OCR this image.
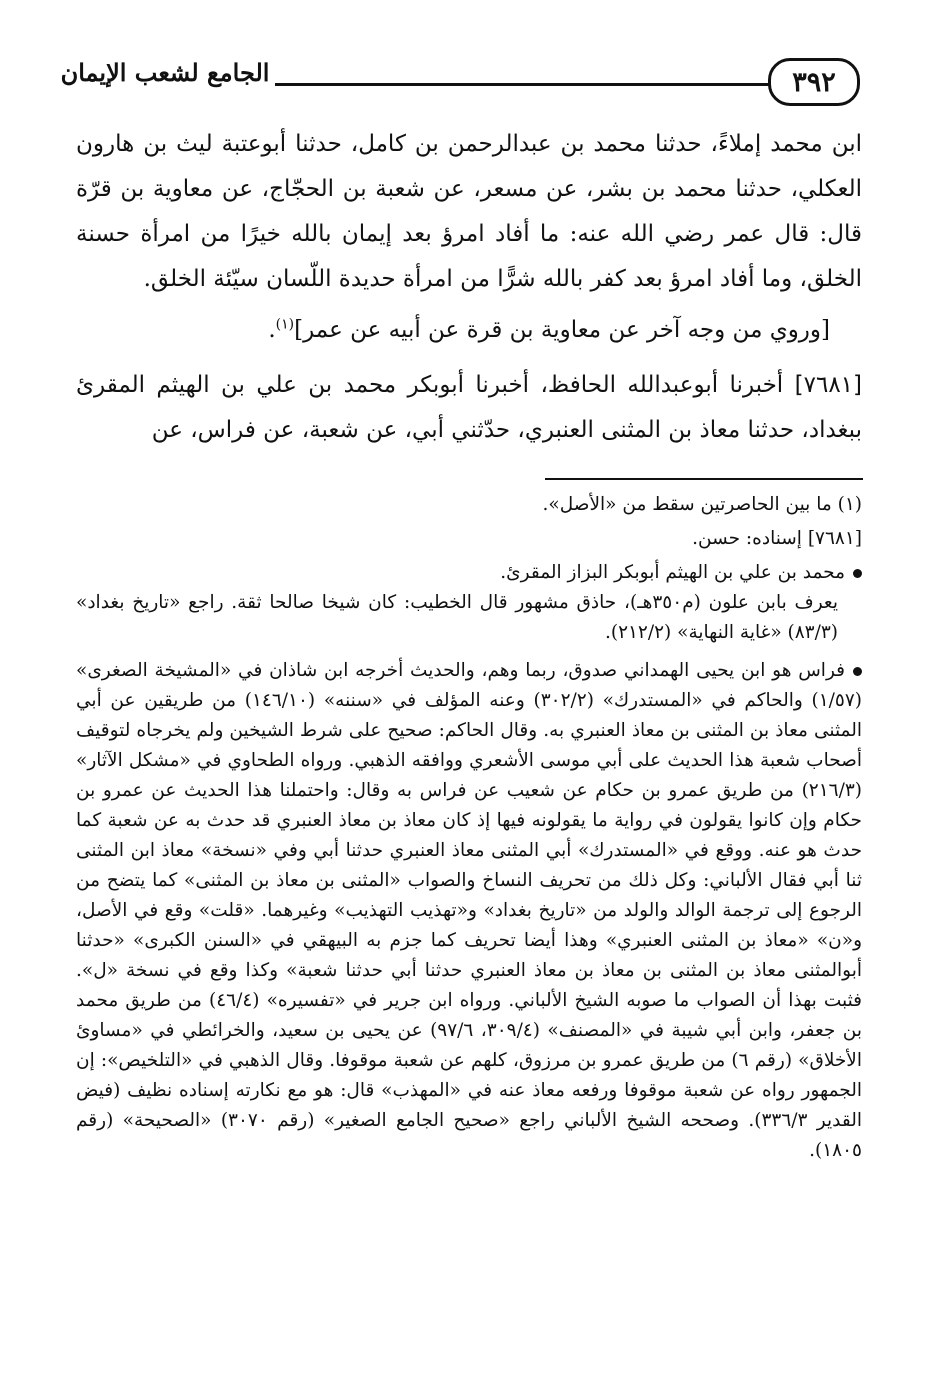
٣٩٢
الجامع لشعب الإيمان

ابن محمد إملاءً، حدثنا محمد بن عبدالرحمن بن كامل، حدثنا أبوعتبة ليث بن هارون العكلي، حدثنا محمد بن بشر، عن مسعر، عن شعبة بن الحجّاج، عن معاوية بن قرّة قال: قال عمر رضي الله عنه: ما أفاد امرؤ بعد إيمان بالله خيرًا من امرأة حسنة الخلق، وما أفاد امرؤ بعد كفر بالله شرًّا من امرأة حديدة اللّسان سيّئة الخلق.

[وروي من وجه آخر عن معاوية بن قرة عن أبيه عن عمر]$^{(١)}$.

[٧٦٨١] أخبرنا أبوعبدالله الحافظ، أخبرنا أبوبكر محمد بن علي بن الهيثم المقرئ ببغداد، حدثنا معاذ بن المثنى العنبري، حدّثني أبي، عن شعبة، عن فراس، عن

(١) ما بين الحاصرتين سقط من «الأصل».

[٧٦٨١] إسناده: حسن.

محمد بن علي بن الهيثم أبوبكر البزاز المقرئ.

يعرف بابن علون (م٣٥٠هـ)، حاذق مشهور قال الخطيب: كان شيخا صالحا ثقة. راجع «تاريخ بغداد» (٨٣/٣) «غاية النهاية» (٢١٢/٢).

فراس هو ابن يحيى الهمداني صدوق، ربما وهم، والحديث أخرجه ابن شاذان في «المشيخة الصغرى» (١/٥٧) والحاكم في «المستدرك» (٣٠٢/٢) وعنه المؤلف في «سننه» (١٤٦/١٠) من طريقين عن أبي المثنى معاذ بن المثنى بن معاذ العنبري به. وقال الحاكم: صحيح على شرط الشيخين ولم يخرجاه لتوقيف أصحاب شعبة هذا الحديث على أبي موسى الأشعري ووافقه الذهبي. ورواه الطحاوي في «مشكل الآثار» (٢١٦/٣) من طريق عمرو بن حكام عن شعيب عن فراس به وقال: واحتملنا هذا الحديث عن عمرو بن حكام وإن كانوا يقولون في رواية ما يقولونه فيها إذ كان معاذ بن معاذ العنبري قد حدث به عن شعبة كما حدث هو عنه. ووقع في «المستدرك» أبي المثنى معاذ العنبري حدثنا أبي وفي «نسخة» معاذ ابن المثنى ثنا أبي فقال الألباني: وكل ذلك من تحريف النساخ والصواب «المثنى بن معاذ بن المثنى» كما يتضح من الرجوع إلى ترجمة الوالد والولد من «تاريخ بغداد» و«تهذيب التهذيب» وغيرهما. «قلت» وقع في الأصل، و«ن» «معاذ بن المثنى العنبري» وهذا أيضا تحريف كما جزم به البيهقي في «السنن الكبرى» «حدثنا أبوالمثنى معاذ بن المثنى بن معاذ بن معاذ العنبري حدثنا أبي حدثنا شعبة» وكذا وقع في نسخة «ل». فثبت بهذا أن الصواب ما صوبه الشيخ الألباني. ورواه ابن جرير في «تفسيره» (٤٦/٤) من طريق محمد بن جعفر، وابن أبي شيبة في «المصنف» (٣٠٩/٤، ٩٧/٦) عن يحيى بن سعيد، والخرائطي في «مساوئ الأخلاق» (رقم ٦) من طريق عمرو بن مرزوق، كلهم عن شعبة موقوفا. وقال الذهبي في «التلخيص»: إن الجمهور رواه عن شعبة موقوفا ورفعه معاذ عنه في «المهذب» قال: هو مع نكارته إسناده نظيف (فيض القدير ٣٣٦/٣). وصححه الشيخ الألباني راجع «صحيح الجامع الصغير» (رقم ٣٠٧٠) «الصحيحة» (رقم ١٨٠٥).
